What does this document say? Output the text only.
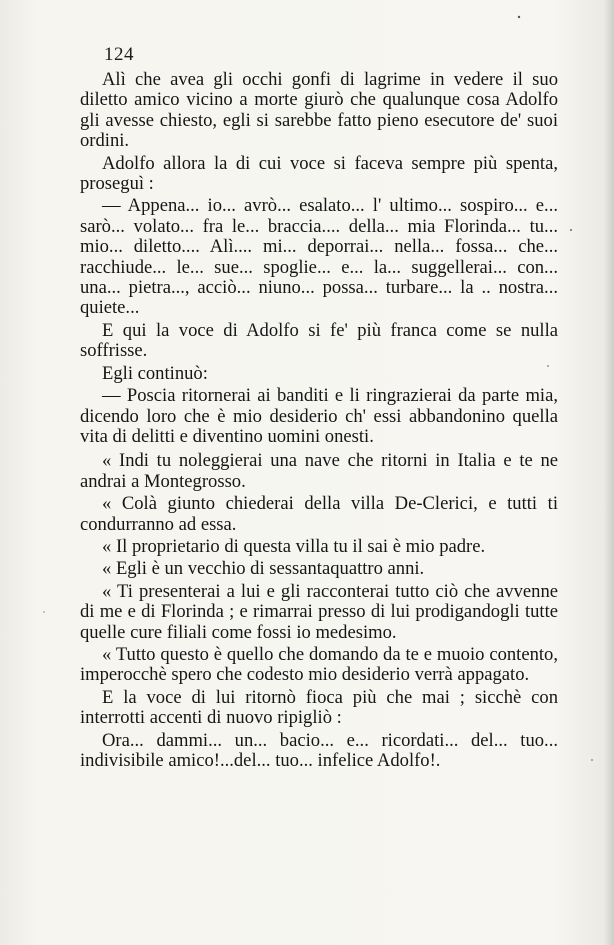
124

Alì che avea gli occhi gonfi di lagrime in vedere il suo diletto amico vicino a morte giurò che qualunque cosa Adolfo gli avesse chiesto, egli si sarebbe fatto pieno esecutore de' suoi ordini.

Adolfo allora la di cui voce si faceva sempre più spenta, proseguì :

— Appena... io... avrò... esalato... l' ultimo... sospiro... e... sarò... volato... fra le... braccia.... della... mia Florinda... tu... mio... diletto.... Alì.... mi... deporrai... nella... fossa... che... racchiude... le... sue... spoglie... e... la... suggellerai... con... una... pietra..., acciò... niuno... possa... turbare... la .. nostra... quiete...

E qui la voce di Adolfo si fe' più franca come se nulla soffrisse.

Egli continuò:

— Poscia ritornerai ai banditi e li ringrazierai da parte mia, dicendo loro che è mio desiderio ch' essi abbandonino quella vita di delitti e diventino uomini onesti.

« Indi tu noleggierai una nave che ritorni in Italia e te ne andrai a Montegrosso.

« Colà giunto chiederai della villa De-Clerici, e tutti ti condurranno ad essa.

« Il proprietario di questa villa tu il sai è mio padre.

« Egli è un vecchio di sessantaquattro anni.

« Ti presenterai a lui e gli racconterai tutto ciò che avvenne di me e di Florinda ; e rimarrai presso di lui prodigandogli tutte quelle cure filiali come fossi io medesimo.

« Tutto questo è quello che domando da te e muoio contento, imperocchè spero che codesto mio desiderio verrà appagato.

E la voce di lui ritornò fioca più che mai ; sicchè con interrotti accenti di nuovo ripigliò :

Ora... dammi... un... bacio... e... ricordati... del... tuo... indivisibile amico!...del... tuo... infelice Adolfo!.
